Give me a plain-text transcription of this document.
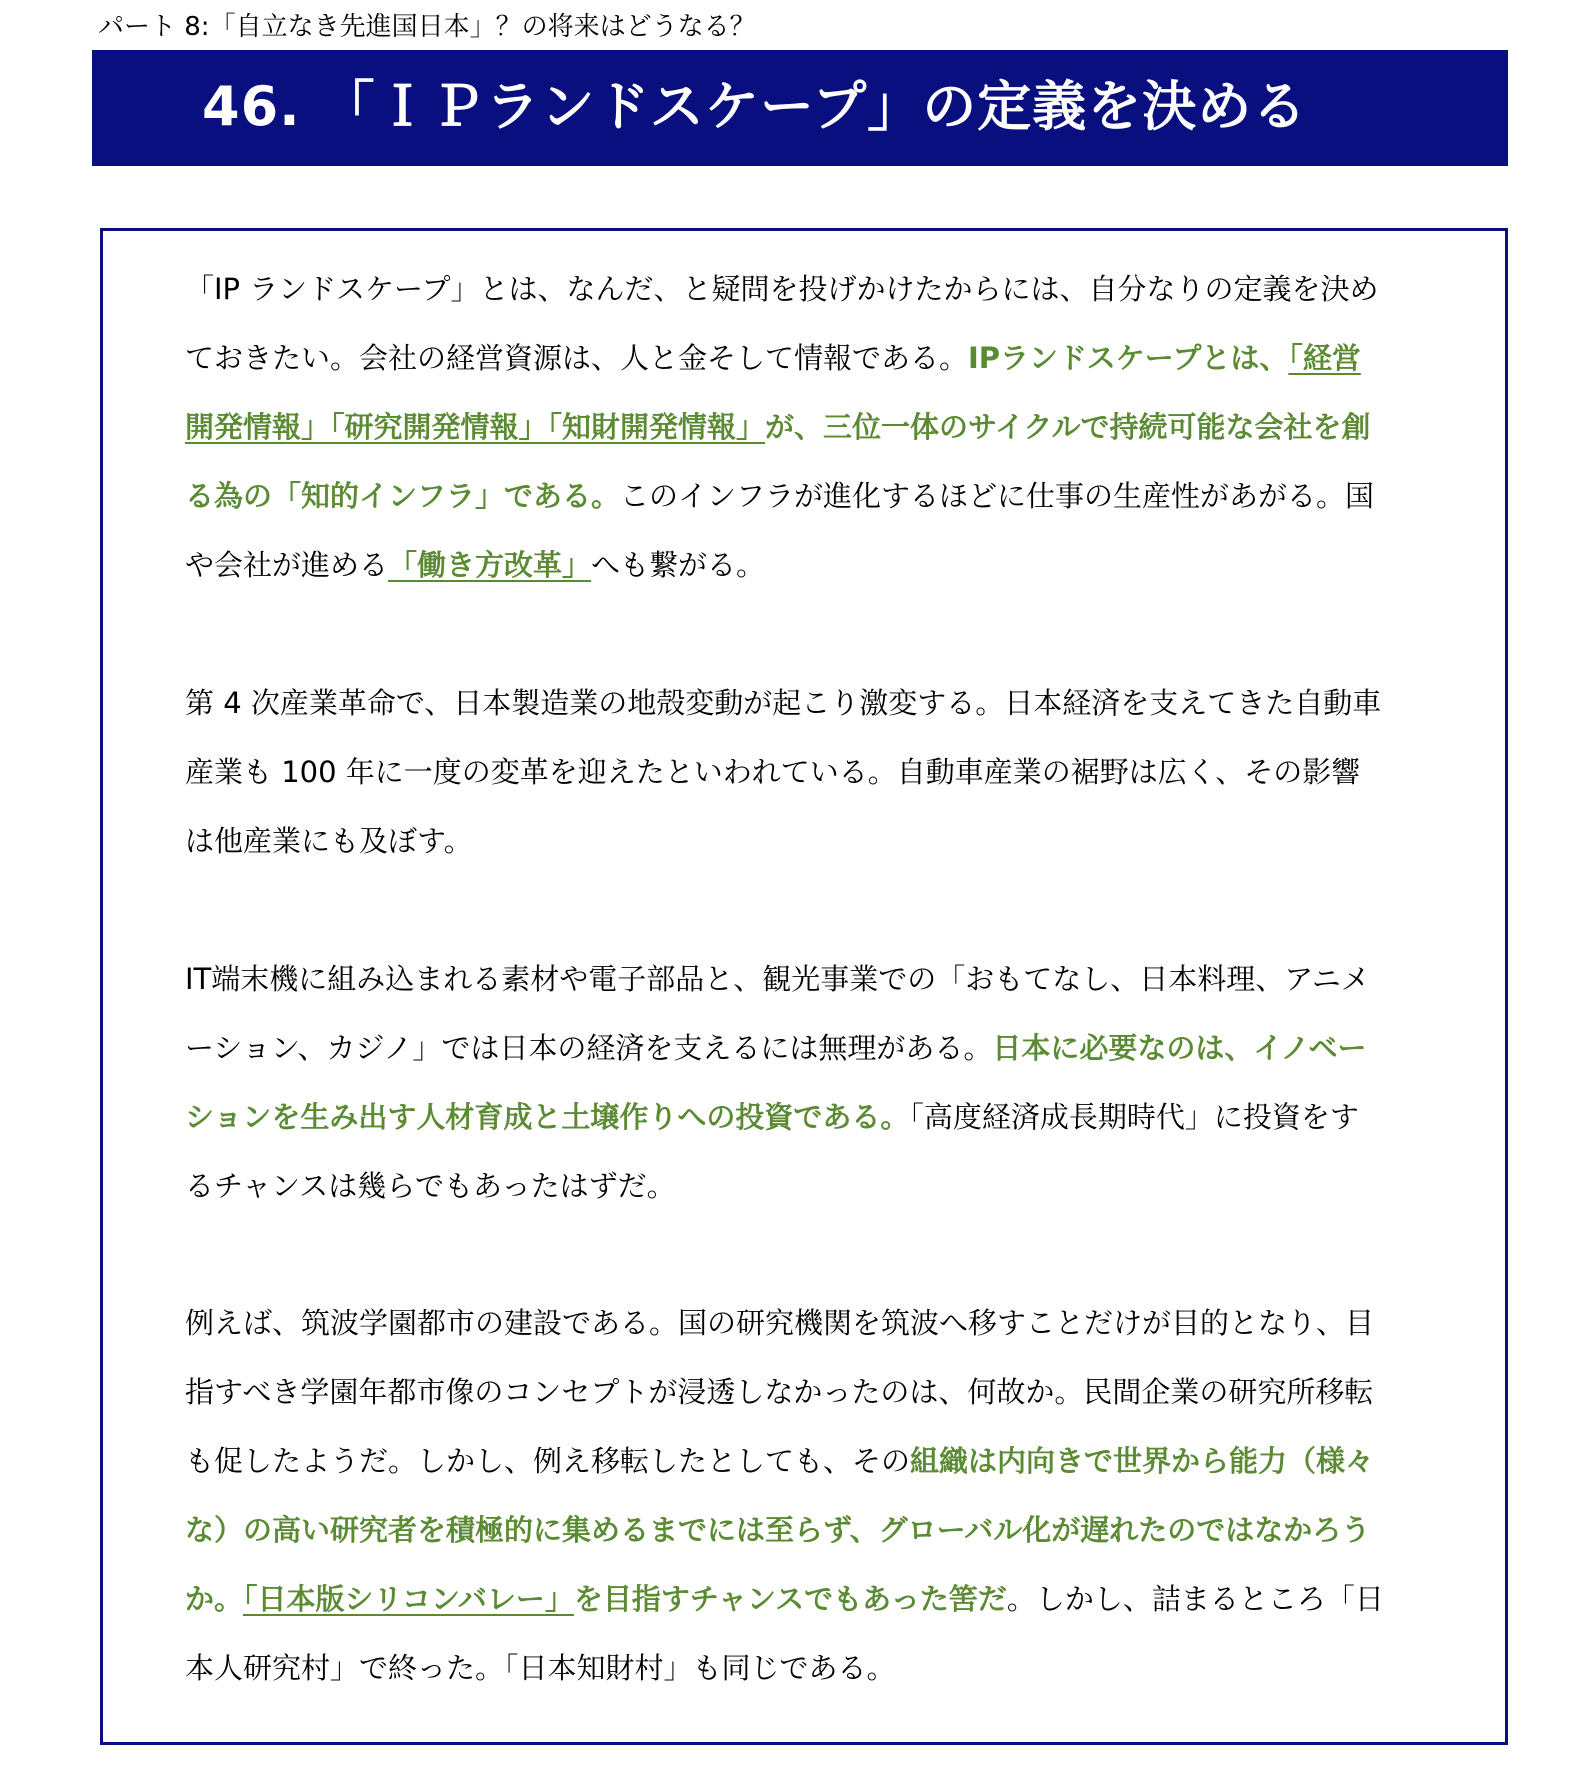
パート 8:「自立なき先進国日本」？の将来はどうなる？
46. 「ＩＰランドスケープ」の定義を決める

「IP ランドスケープ」とは、なんだ、と疑問を投げかけたからには、自分なりの定義を決めておきたい。会社の経営資源は、人と金そして情報である。IPランドスケープとは、「経営開発情報」「研究開発情報」「知財開発情報」が、三位一体のサイクルで持続可能な会社を創る為の「知的インフラ」である。このインフラが進化するほどに仕事の生産性があがる。国や会社が進める「働き方改革」へも繋がる。

第 4 次産業革命で、日本製造業の地殻変動が起こり激変する。日本経済を支えてきた自動車産業も 100 年に一度の変革を迎えたといわれている。自動車産業の裾野は広く、その影響は他産業にも及ぼす。

IT端末機に組み込まれる素材や電子部品と、観光事業での「おもてなし、日本料理、アニメーション、カジノ」では日本の経済を支えるには無理がある。日本に必要なのは、イノベーションを生み出す人材育成と土壌作りへの投資である。「高度経済成長期時代」に投資をするチャンスは幾らでもあったはずだ。

例えば、筑波学園都市の建設である。国の研究機関を筑波へ移すことだけが目的となり、目指すべき学園年都市像のコンセプトが浸透しなかったのは、何故か。民間企業の研究所移転も促したようだ。しかし、例え移転したとしても、その組織は内向きで世界から能力（様々な）の高い研究者を積極的に集めるまでには至らず、グローバル化が遅れたのではなかろうか。「日本版シリコンバレー」を目指すチャンスでもあった筈だ。しかし、詰まるところ「日本人研究村」で終った。「日本知財村」も同じである。
